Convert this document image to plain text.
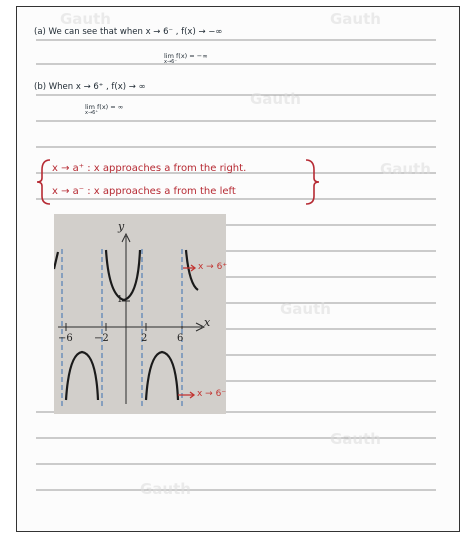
Gauth	Gauth
Gauth
Gauth
Gauth
Gauth
Gauth
(a) We can see that when x → 6⁻ , f(x) → −∞
lim f(x) = −∞
x→6⁻
(b) When x → 6⁺ , f(x) → ∞
lim f(x) = ∞
x→6⁺
x → a⁺ : x approaches a from the right.
x → a⁻ : x approaches a from the left
y
x
−6 −2	2	6
1
x → 6⁺
x → 6⁻
